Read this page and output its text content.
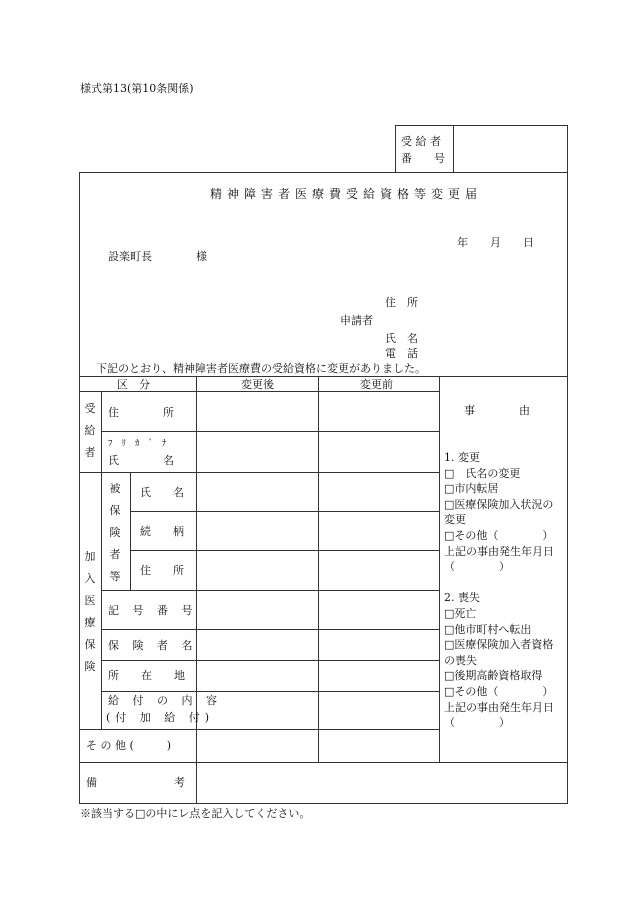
様式第13(第10条関係)
受 給 者
番　　号
精神障害者医療費受給資格等変更届
年　　月　　日
設楽町長　　　　様
住　所
申請者
氏　名
電　話
下記のとおり、精神障害者医療費の受給資格に変更がありました。
区　分	変更後	変更前
受
給
者
住　　　　所
ﾌ　ﾘ　ｶ　ﾞ　ﾅ
氏　　　　名
加
入
医
療
保
険
被
保
険
者
等
氏　　名
続　　柄
住　　所
記 号 番 号
保 険 者 名
所　　在　　地
給 付 の 内 容
(付 加 給 付)
そ の 他 (　　　)
備　　　　　　　考
事　　　　由
1. 変更
□　氏名の変更
□市内転居
□医療保険加入状況の
変更
□その他（　　　　）
上記の事由発生年月日
（　　　　）
2. 喪失
□死亡
□他市町村へ転出
□医療保険加入者資格
の喪失
□後期高齢資格取得
□その他（　　　　）
上記の事由発生年月日
（　　　　）
※該当する□の中にレ点を記入してください。
